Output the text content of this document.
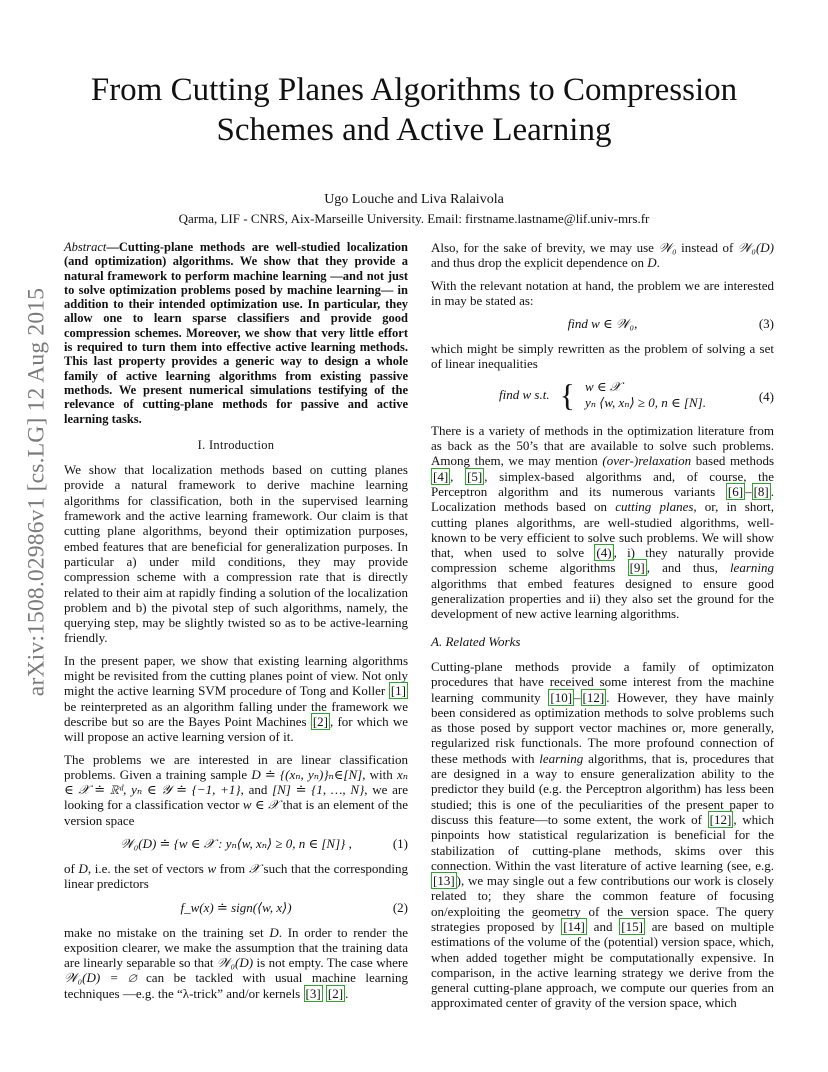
arXiv:1508.02986v1 [cs.LG] 12 Aug 2015
From Cutting Planes Algorithms to Compression Schemes and Active Learning
Ugo Louche and Liva Ralaivola
Qarma, LIF - CNRS, Aix-Marseille University. Email: firstname.lastname@lif.univ-mrs.fr

Abstract—Cutting-plane methods are well-studied localization (and optimization) algorithms. We show that they provide a natural framework to perform machine learning —and not just to solve optimization problems posed by machine learning— in addition to their intended optimization use. In particular, they allow one to learn sparse classifiers and provide good compression schemes. Moreover, we show that very little effort is required to turn them into effective active learning methods. This last property provides a generic way to design a whole family of active learning algorithms from existing passive methods. We present numerical simulations testifying of the relevance of cutting-plane methods for passive and active learning tasks.

I. Introduction

We show that localization methods based on cutting planes provide a natural framework to derive machine learning algorithms for classification, both in the supervised learning framework and the active learning framework. Our claim is that cutting plane algorithms, beyond their optimization purposes, embed features that are beneficial for generalization purposes. In particular a) under mild conditions, they may provide compression scheme with a compression rate that is directly related to their aim at rapidly finding a solution of the localization problem and b) the pivotal step of such algorithms, namely, the querying step, may be slightly twisted so as to be active-learning friendly.

In the present paper, we show that existing learning algorithms might be revisited from the cutting planes point of view. Not only might the active learning SVM procedure of Tong and Koller [1] be reinterpreted as an algorithm falling under the framework we describe but so are the Bayes Point Machines [2] , for which we will propose an active learning version of it.

The problems we are interested in are linear classification problems. Given a training sample D ≐ {(xₙ, yₙ)}ₙ∈[N], with xₙ ∈ 𝒳 ≐ ℝᵈ, yₙ ∈ 𝒴 ≐ {−1, +1}, and [N] ≐ {1, …, N}, we are looking for a classification vector w ∈ 𝒳 that is an element of the version space

𝒲₀(D) ≐ {w ∈ 𝒳 : yₙ⟨w, xₙ⟩ ≥ 0, n ∈ [N]} ,	(1)

of D, i.e. the set of vectors w from 𝒳 such that the corresponding linear predictors

f_w(x) ≐ sign(⟨w, x⟩)	(2)

make no mistake on the training set D. In order to render the exposition clearer, we make the assumption that the training data are linearly separable so that 𝒲₀(D) is not empty. The case where 𝒲₀(D) = ∅ can be tackled with usual machine learning techniques —e.g. the “λ-trick” and/or kernels [3] [2] .

Also, for the sake of brevity, we may use 𝒲₀ instead of 𝒲₀(D) and thus drop the explicit dependence on D.

With the relevant notation at hand, the problem we are interested in may be stated as:

find w ∈ 𝒲₀,	(3)

which might be simply rewritten as the problem of solving a set of linear inequalities

find w s.t. { w ∈ 𝒳
yₙ ⟨w, xₙ⟩ ≥ 0, n ∈ [N].	(4)

There is a variety of methods in the optimization literature from as back as the 50’s that are available to solve such problems. Among them, we may mention (over-)relaxation based methods [4] , [5] , simplex-based algorithms and, of course, the Perceptron algorithm and its numerous variants [6] – [8] . Localization methods based on cutting planes, or, in short, cutting planes algorithms, are well-studied algorithms, well-known to be very efficient to solve such problems. We will show that, when used to solve (4) , i) they naturally provide compression scheme algorithms [9] , and thus, learning algorithms that embed features designed to ensure good generalization properties and ii) they also set the ground for the development of new active learning algorithms.

A. Related Works

Cutting-plane methods provide a family of optimizaton procedures that have received some interest from the machine learning community [10] – [12] . However, they have mainly been considered as optimization methods to solve problems such as those posed by support vector machines or, more generally, regularized risk functionals. The more profound connection of these methods with learning algorithms, that is, procedures that are designed in a way to ensure generalization ability to the predictor they build (e.g. the Perceptron algorithm) has less been studied; this is one of the peculiarities of the present paper to discuss this feature—to some extent, the work of [12] , which pinpoints how statistical regularization is beneficial for the stabilization of cutting-plane methods, skims over this connection. Within the vast literature of active learning (see, e.g. [13] ), we may single out a few contributions our work is closely related to; they share the common feature of focusing on/exploiting the geometry of the version space. The query strategies proposed by [14] and [15] are based on multiple estimations of the volume of the (potential) version space, which, when added together might be computationally expensive. In comparison, in the active learning strategy we derive from the general cutting-plane approach, we compute our queries from an approximated center of gravity of the version space, which
